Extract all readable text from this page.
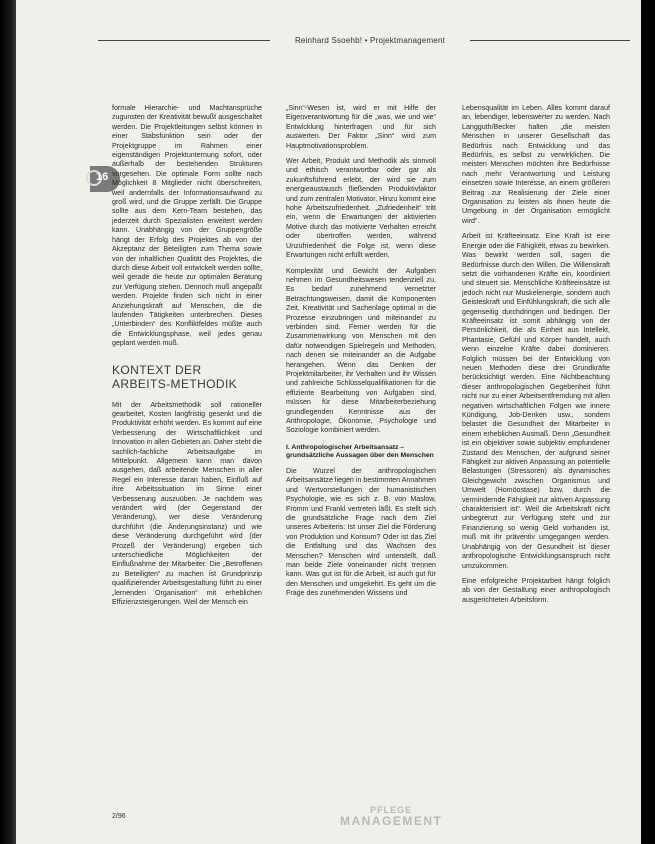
Reinhard Ssoehb! • Projektmanagement
16

formale Hierarchie- und Machtansprüche zugunsten der Kreativität bewußt ausgeschaltet werden. Die Projektleitungen selbst können in einer Stabsfunktion sein oder der Projektgruppe im Rahmen einer eigenständigen Projektunternung sofort, oder außerhalb der bestehenden Strukturen vorgesehen. Die optimale Form sollte nach Möglichkeit 8 Mitglieder nicht überschreiten, weil andernfalls der Informationsaufwand zu groß wird, und die Gruppe zerfällt. Die Gruppe sollte aus dem Kern-Team bestehen, das jederzeit durch Spezialisten erweitert werden kann. Unabhängig von der Gruppengröße hängt der Erfolg des Projektes ab von der Akzeptanz der Beteiligten zum Thema sowie von der inhaltlichen Qualität des Projektes, die durch diese Arbeit voll entwickelt werden sollte, weil gerade die heute zur optimalen Beratung zur Verfügung stehen. Dennoch muß angepaßt werden. Projekte finden sich nicht in einer Anziehungskraft auf Menschen, die die laufenden Tätigkeiten unterbrechen. Dieses „Unterbinden“ des Konfliktfeldes müßte auch die Entwicklungsphase, weil jedes genau geplant werden muß.

KONTEXT DER ARBEITS-METHODIK

Mit der Arbeitsmethodik soll rationeller gearbeitet, Kosten langfristig gesenkt und die Produktivität erhöht werden. Es kommt auf eine Verbesserung der Wirtschaftlichkeit und Innovation in allen Gebieten an. Daher steht die sachlich-fachliche Arbeitsaufgabe im Mittelpunkt. Allgemein kann man davon ausgehen, daß arbeitende Menschen in aller Regel ein Interesse daran haben, Einfluß auf ihre Arbeitssituation im Sinne einer Verbesserung auszuüben. Je nachdem was verändert wird (der Gegenstand der Veränderung), wer diese Veränderung durchführt (die Änderungsinstanz) und wie diese Veränderung durchgeführt wird (der Prozeß der Veränderung) ergeben sich unterschiedliche Möglichkeiten der Einflußnahme der Mitarbeiter. Die „Betroffenen zu Beteiligten“ zu machen ist Grundprinzip qualifizierender Arbeitsgestaltung führt zu einer „lernenden Organisation“ mit erheblichen Effizienzsteigerungen. Weil der Mensch ein

„Sinn“-Wesen ist, wird er mit Hilfe der Eigenverantwortung für die „was, wie und wie“ Entwicklung hinterfragen und für sich auswerten. Der Faktor „Sinn“ wird zum Hauptmotivationsproblem.

Wer Arbeit, Produkt und Methodik als sinnvoll und ethisch verantwortbar oder gar als zukunftsführend erlebt, der wird sie zum energieaustausch fließenden Produktivfaktor und zum zentralen Motivator. Hinzu kommt eine hohe Arbeitszufriedenheit. „Zufriedenheit“ tritt ein, wenn die Erwartungen der aktivierten Motive durch das motivierte Verhalten erreicht oder übertroffen werden, während Unzufriedenheit die Folge ist, wenn diese Erwartungen nicht erfüllt werden.

Komplexität und Gewicht der Aufgaben nehmen im Gesundheitswesen tendenziell zu. Es bedarf zunehmend vernetzter Betrachtungsweisen, damit die Komponenten Zeit, Kreativität und Sachenlage optimal in die Prozesse einzubringen und miteinander zu verbinden sind. Ferner werden für die Zusammenwirkung von Menschen mit den dafür notwendigen Spielregeln und Methoden, nach denen sie miteinander an die Aufgabe herangehen. Wenn das Denken der Projektmitarbeiter, ihr Verhalten und ihr Wissen und zahlreiche Schlüsselqualifikationen für die effiziente Bearbeitung von Aufgaben sind, müssen für diese Mitarbeiterbeziehung grundlegenden Kenntnisse aus der Anthropologie, Ökonomie, Psychologie und Soziologie kombiniert werden.

I. Anthropologischer Arbeitsansatz – grundsätzliche Aussagen über den Menschen

Die Wurzel der anthropologischen Arbeitsansätze liegen in bestimmten Annahmen und Wertvorstellungen der humanistischen Psychologie, wie es sich z. B. von Maslow, Fromm und Frankl vertreten läßt. Es stellt sich die grundsätzliche Frage nach dem Ziel unseres Arbeitens: Ist unser Ziel die Förderung von Produktion und Konsum? Oder ist das Ziel die Entfaltung und das Wachsen des Menschen? Menschen wird unterstellt, daß man beide Ziele voneinander nicht trennen kann. Was gut ist für die Arbeit, ist auch gut für den Menschen und umgekehrt. Es geht um die Frage des zunehmenden Wissens und

Lebensqualität im Leben. Alles kommt darauf an, lebendiger, lebenswerter zu werden. Nach Langguth/Becker halten „die meisten Menschen in unserer Gesellschaft das Bedürfnis nach Entwicklung und das Bedürfnis, es selbst zu verwirklichen. Die meisten Menschen möchten ihre Bedürfnisse nach mehr Verantwortung und Leistung einsetzen sowie Interesse, an einem größeren Beitrag zur Realisierung der Ziele einer Organisation zu leisten als ihnen heute die Umgebung in der Organisation ermöglicht wird“.

Arbeit ist Kräfteeinsatz. Eine Kraft ist eine Energie oder die Fähigkeit, etwas zu bewirken. Was bewirkt werden soll, sagen die Bedürfnisse durch den Willen. Die Willenskraft setzt die vorhandenen Kräfte ein, koordiniert und steuert sie. Menschliche Kräfteeinsätze ist jedoch nicht nur Muskelenergie, sondern auch Geisteskraft und Einfühlungskraft, die sich alle gegenseitig durchdringen und bedingen. Der Kräfteeinsatz ist somit abhängig von der Persönlichkeit, die als Einheit aus Intellekt, Phantasie, Gefühl und Körper handelt, auch wenn einzelne Kräfte dabei dominieren. Folglich müssen bei der Entwicklung von neuen Methoden diese drei Grundkräfte berücksichtigt werden. Eine Nichtbeachtung dieser anthropologischen Gegebenheit führt nicht nur zu einer Arbeitsentfremdung mit allen negativen wirtschaftlichen Folgen wie innere Kündigung, Job-Denken usw., sondern belastet die Gesundheit der Mitarbeiter in einem erheblichen Ausmaß. Denn „Gesundheit ist ein objektiver sowie subjektiv empfundener Zustand des Menschen, der aufgrund seiner Fähigkeit zur aktiven Anpassung an potentielle Belastungen (Stressoren) als dynamisches Gleichgewicht zwischen Organismus und Umwelt (Homöostase) bzw. durch die vermindernde Fähigkeit zur aktiven Anpassung charakterisiert ist“. Weil die Arbeitskraft nicht unbegrenzt zur Verfügung steht und zur Finanzierung so wenig Geld vorhanden ist, muß mit ihr präventiv umgegangen werden. Unabhängig von der Gesundheit ist dieser anthropologische Entwicklungsanspruch nicht umzukommen.

Eine erfolgreiche Projektarbeit hängt folglich ab von der Gestaltung einer anthropologisch ausgerichteten Arbeitsform.

2/96
PFLEGE
MANAGEMENT
